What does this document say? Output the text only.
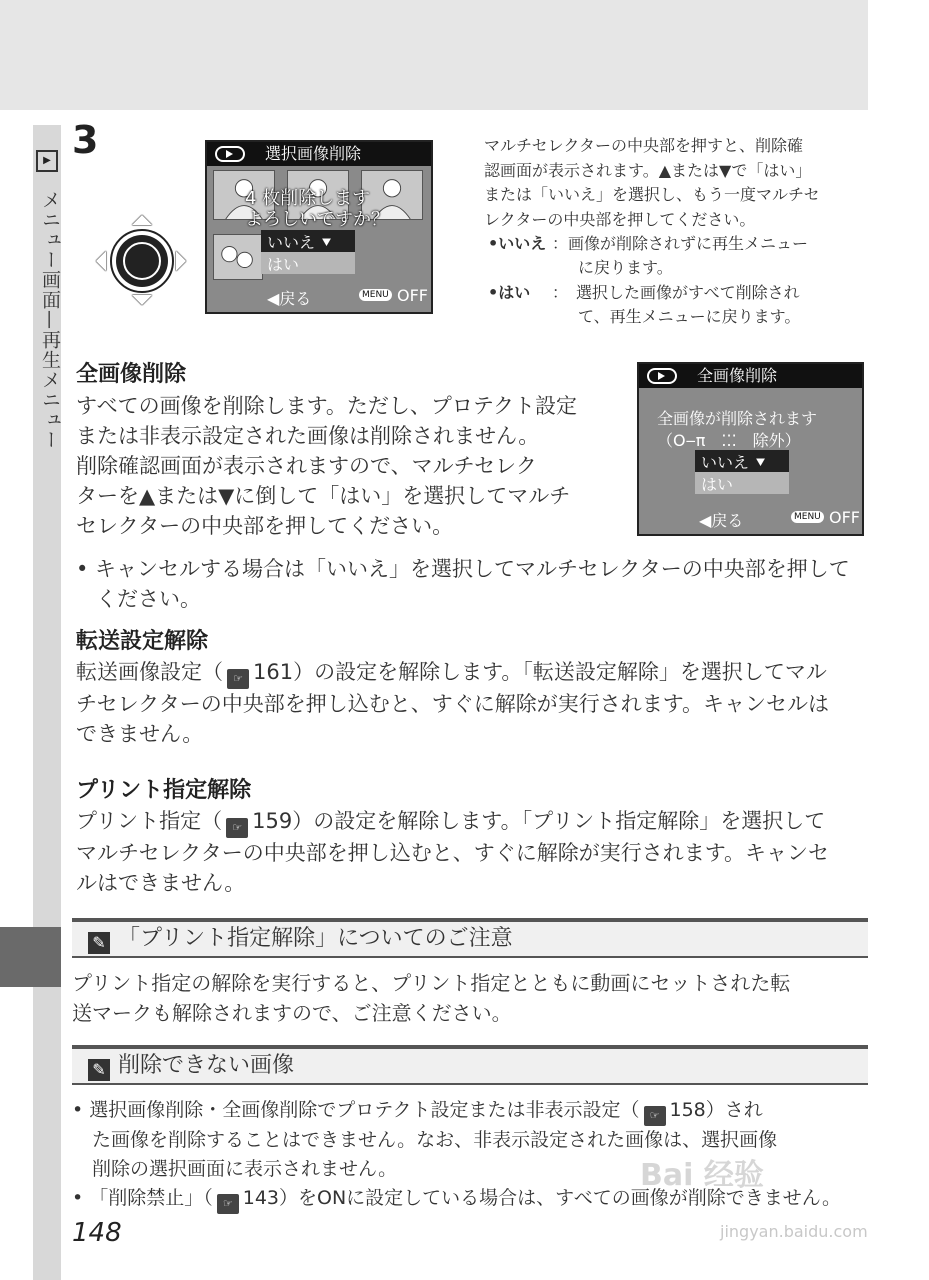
▶
メニュー画面—再生メニュー
3	選択画像削除
4 枚削除します
よろしいですか？
いいえ ⯆
はい
◀戻る	MENU OFF
マルチセレクターの中央部を押すと、削除確
認画面が表示されます。▲または▼で「はい」
または「いいえ」を選択し、もう一度マルチセ
レクターの中央部を押してください。
•いいえ ：画像が削除されずに再生メニュー
に戻ります。
•はい ：　選択した画像がすべて削除され
て、再生メニューに戻ります。
全画像削除
すべての画像を削除します。ただし、プロテクト設定
または非表示設定された画像は削除されません。
削除確認画面が表示されますので、マルチセレク
ターを▲または▼に倒して「はい」を選択してマルチ
セレクターの中央部を押してください。
全画像削除
全画像が削除されます
（O‒π　⁚⁚⁚　除外）
いいえ ⯆
はい
◀戻る	MENU OFF
• キャンセルする場合は「いいえ」を選択してマルチセレクターの中央部を押して
ください。
転送設定解除
転送画像設定（ ☞ 161）の設定を解除します。「転送設定解除」を選択してマル
チセレクターの中央部を押し込むと、すぐに解除が実行されます。キャンセルは
できません。
プリント指定解除
プリント指定（ ☞ 159）の設定を解除します。「プリント指定解除」を選択して
マルチセレクターの中央部を押し込むと、すぐに解除が実行されます。キャンセ
ルはできません。
✎ 「プリント指定解除」についてのご注意
プリント指定の解除を実行すると、プリント指定とともに動画にセットされた転
送マークも解除されますので、ご注意ください。
✎ 削除できない画像
• 選択画像削除・全画像削除でプロテクト設定または非表示設定（ ☞ 158）され
た画像を削除することはできません。なお、非表示設定された画像は、選択画像
削除の選択画面に表示されません。
• 「削除禁止」（ ☞ 143）をONに設定している場合は、すべての画像が削除できません。
Bai 经验
jingyan.baidu.com
148
